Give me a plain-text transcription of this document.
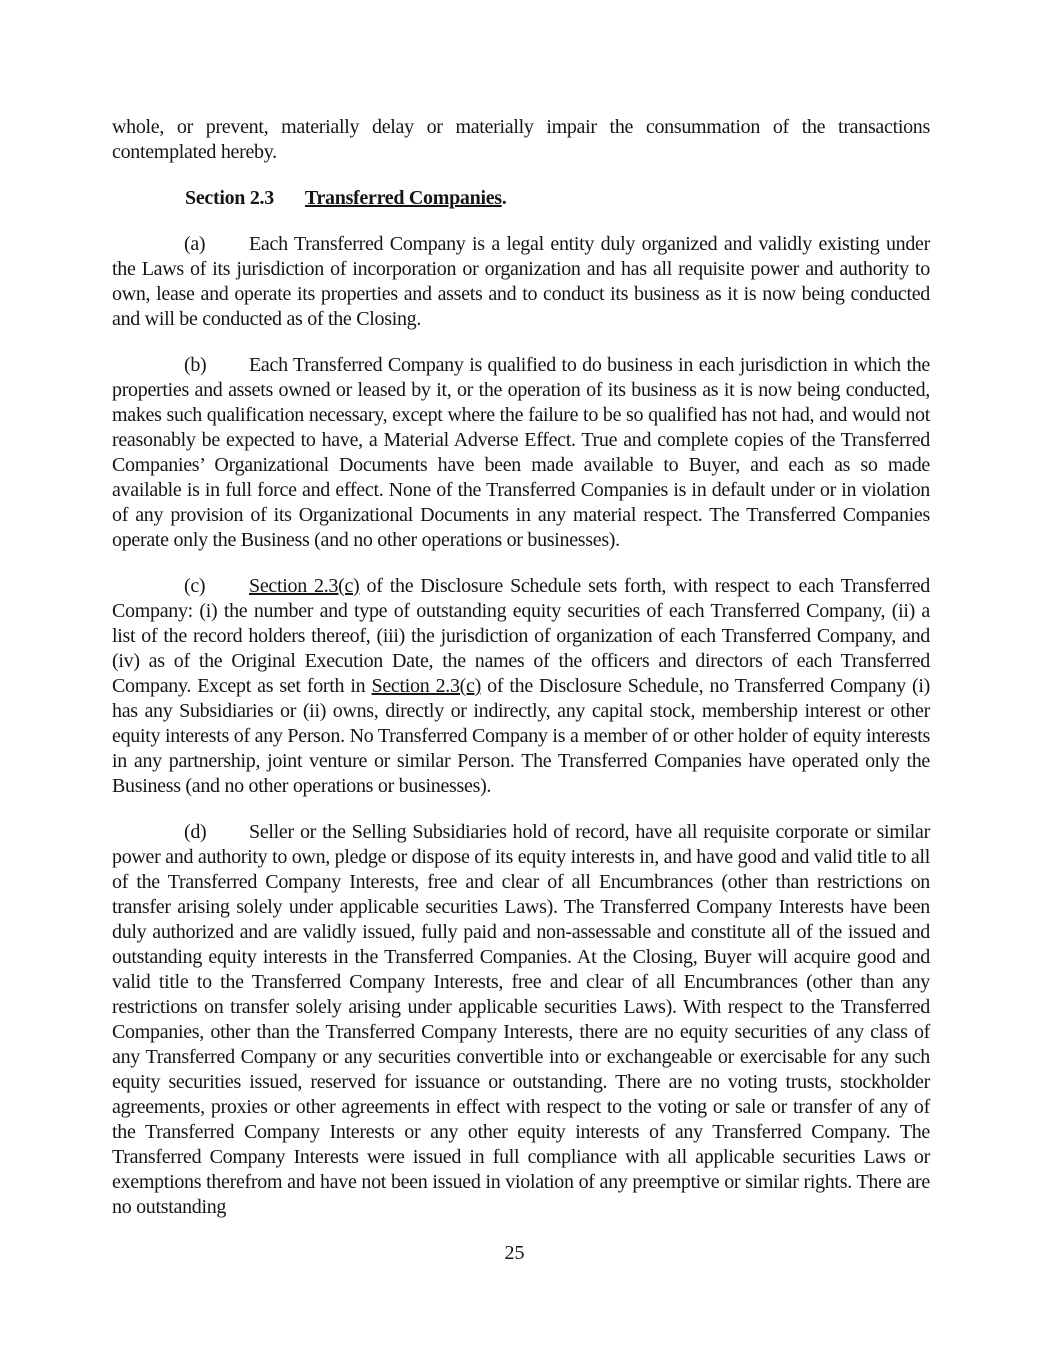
whole, or prevent, materially delay or materially impair the consummation of the transactions contemplated hereby.

Section 2.3 Transferred Companies.

(a) Each Transferred Company is a legal entity duly organized and validly existing under the Laws of its jurisdiction of incorporation or organization and has all requisite power and authority to own, lease and operate its properties and assets and to conduct its business as it is now being conducted and will be conducted as of the Closing.

(b) Each Transferred Company is qualified to do business in each jurisdiction in which the properties and assets owned or leased by it, or the operation of its business as it is now being conducted, makes such qualification necessary, except where the failure to be so qualified has not had, and would not reasonably be expected to have, a Material Adverse Effect. True and complete copies of the Transferred Companies’ Organizational Documents have been made available to Buyer, and each as so made available is in full force and effect. None of the Transferred Companies is in default under or in violation of any provision of its Organizational Documents in any material respect. The Transferred Companies operate only the Business (and no other operations or businesses).

(c) Section 2.3(c) of the Disclosure Schedule sets forth, with respect to each Transferred Company: (i) the number and type of outstanding equity securities of each Transferred Company, (ii) a list of the record holders thereof, (iii) the jurisdiction of organization of each Transferred Company, and (iv) as of the Original Execution Date, the names of the officers and directors of each Transferred Company. Except as set forth in Section 2.3(c) of the Disclosure Schedule, no Transferred Company (i) has any Subsidiaries or (ii) owns, directly or indirectly, any capital stock, membership interest or other equity interests of any Person. No Transferred Company is a member of or other holder of equity interests in any partnership, joint venture or similar Person. The Transferred Companies have operated only the Business (and no other operations or businesses).

(d) Seller or the Selling Subsidiaries hold of record, have all requisite corporate or similar power and authority to own, pledge or dispose of its equity interests in, and have good and valid title to all of the Transferred Company Interests, free and clear of all Encumbrances (other than restrictions on transfer arising solely under applicable securities Laws). The Transferred Company Interests have been duly authorized and are validly issued, fully paid and non-assessable and constitute all of the issued and outstanding equity interests in the Transferred Companies. At the Closing, Buyer will acquire good and valid title to the Transferred Company Interests, free and clear of all Encumbrances (other than any restrictions on transfer solely arising under applicable securities Laws). With respect to the Transferred Companies, other than the Transferred Company Interests, there are no equity securities of any class of any Transferred Company or any securities convertible into or exchangeable or exercisable for any such equity securities issued, reserved for issuance or outstanding. There are no voting trusts, stockholder agreements, proxies or other agreements in effect with respect to the voting or sale or transfer of any of the Transferred Company Interests or any other equity interests of any Transferred Company. The Transferred Company Interests were issued in full compliance with all applicable securities Laws or exemptions therefrom and have not been issued in violation of any preemptive or similar rights. There are no outstanding

25
